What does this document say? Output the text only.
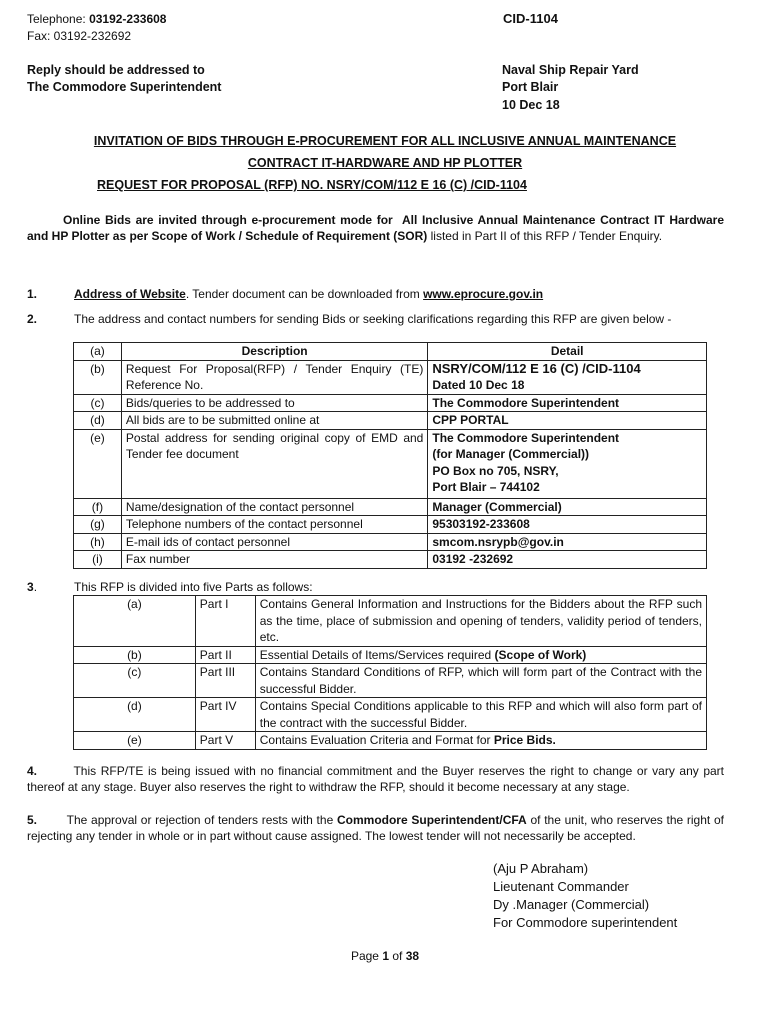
Telephone: 03192-233608
Fax: 03192-232692
CID-1104
Reply should be addressed to
The Commodore Superintendent
Naval Ship Repair Yard
Port Blair
10 Dec 18
INVITATION OF BIDS THROUGH E-PROCUREMENT FOR ALL INCLUSIVE ANNUAL MAINTENANCE
CONTRACT IT-HARDWARE AND HP PLOTTER
REQUEST FOR PROPOSAL (RFP) NO. NSRY/COM/112 E 16 (C) /CID-1104
Online Bids are invited through e-procurement mode for All Inclusive Annual Maintenance Contract IT Hardware and HP Plotter as per Scope of Work / Schedule of Requirement (SOR) listed in Part II of this RFP / Tender Enquiry.
1.	Address of Website. Tender document can be downloaded from www.eprocure.gov.in
2.	The address and contact numbers for sending Bids or seeking clarifications regarding this RFP are given below -
(a)	Description	Detail
(b)	Request For Proposal(RFP) / Tender Enquiry (TE) Reference No.	NSRY/COM/112 E 16 (C) /CID-1104
Dated 10 Dec 18

(c)	Bids/queries to be addressed to	The Commodore Superintendent
(d)	All bids are to be submitted online at	CPP PORTAL
(e)	Postal address for sending original copy of EMD and Tender fee document	The Commodore Superintendent
(for Manager (Commercial))
PO Box no 705, NSRY,
Port Blair – 744102

(f)	Name/designation of the contact personnel	Manager (Commercial)
(g)	Telephone numbers of the contact personnel	95303192-233608
(h)	E-mail ids of contact personnel	smcom.nsrypb@gov.in
(i)	Fax number	03192 -232692
3.	This RFP is divided into five Parts as follows:
(a)	Part I	Contains General Information and Instructions for the Bidders about the RFP such as the time, place of submission and opening of tenders, validity period of tenders, etc.
(b)	Part II	Essential Details of Items/Services required (Scope of Work)
(c)	Part III	Contains Standard Conditions of RFP, which will form part of the Contract with the successful Bidder.
(d)	Part IV	Contains Special Conditions applicable to this RFP and which will also form part of the contract with the successful Bidder.
(e)	Part V	Contains Evaluation Criteria and Format for Price Bids.
4.	This RFP/TE is being issued with no financial commitment and the Buyer reserves the right to change or vary any part thereof at any stage. Buyer also reserves the right to withdraw the RFP, should it become necessary at any stage.
5. The approval or rejection of tenders rests with the Commodore Superintendent/CFA of the unit, who reserves the right of rejecting any tender in whole or in part without cause assigned. The lowest tender will not necessarily be accepted.
(Aju P Abraham)
Lieutenant Commander
Dy .Manager (Commercial)
For Commodore superintendent
Page 1 of 38
